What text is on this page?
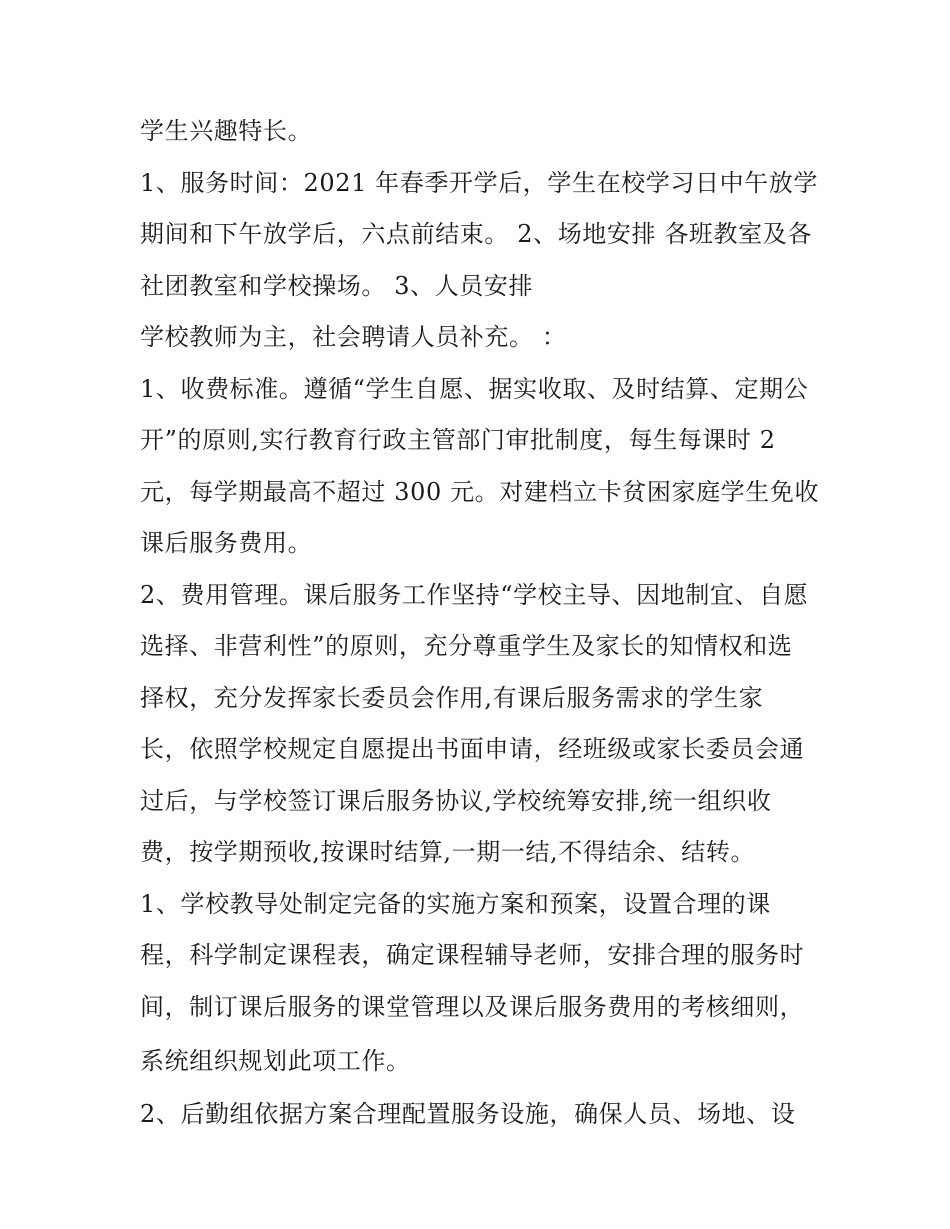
学生兴趣特长。
1、服务时间：2021 年春季开学后，学生在校学习日中午放学
期间和下午放学后，六点前结束。 2、场地安排 各班教室及各
社团教室和学校操场。 3、人员安排
学校教师为主，社会聘请人员补充。 ：
1、收费标准。遵循“学生自愿、据实收取、及时结算、定期公
开”的原则,实行教育行政主管部门审批制度，每生每课时 2
元，每学期最高不超过 300 元。对建档立卡贫困家庭学生免收
课后服务费用。
2、费用管理。课后服务工作坚持“学校主导、因地制宜、自愿
选择、非营利性”的原则，充分尊重学生及家长的知情权和选
择权，充分发挥家长委员会作用,有课后服务需求的学生家
长，依照学校规定自愿提出书面申请，经班级或家长委员会通
过后，与学校签订课后服务协议,学校统筹安排,统一组织收
费，按学期预收,按课时结算,一期一结,不得结余、结转。
1、学校教导处制定完备的实施方案和预案，设置合理的课
程，科学制定课程表，确定课程辅导老师，安排合理的服务时
间，制订课后服务的课堂管理以及课后服务费用的考核细则，
系统组织规划此项工作。
2、后勤组依据方案合理配置服务设施，确保人员、场地、设
